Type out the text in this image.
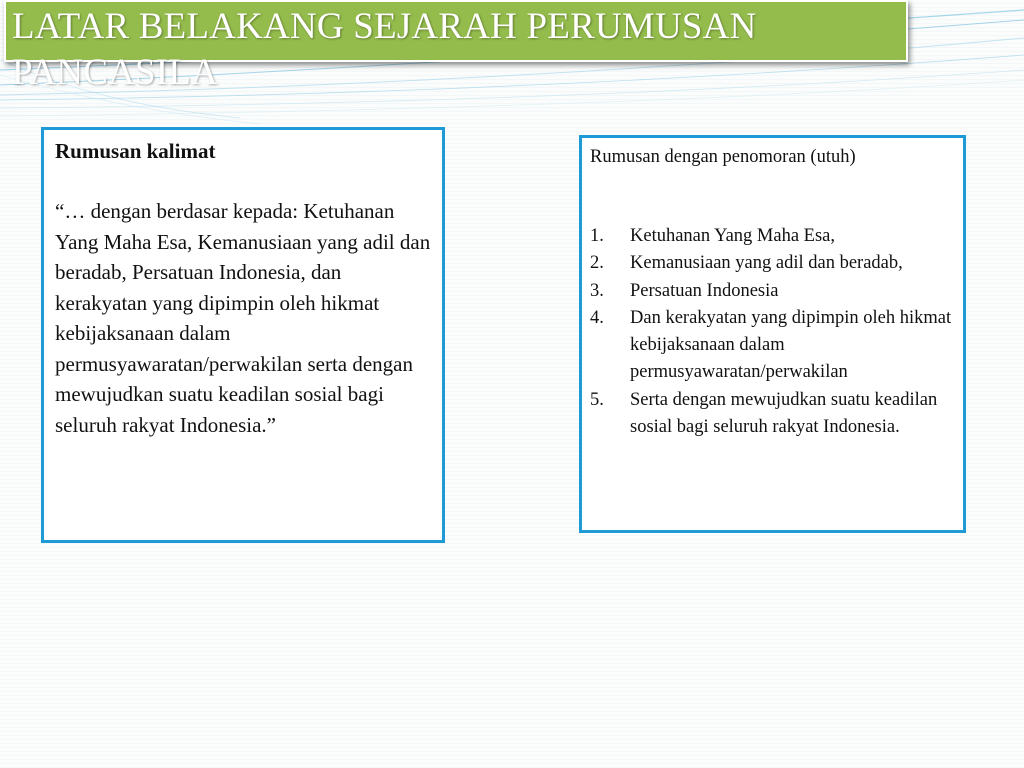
LATAR BELAKANG SEJARAH PERUMUSAN PANCASILA

Rumusan kalimat

“… dengan berdasar kepada: Ketuhanan Yang Maha Esa, Kemanusiaan yang adil dan beradab, Persatuan Indonesia, dan kerakyatan yang dipimpin oleh hikmat kebijaksanaan dalam permusyawaratan/perwakilan serta dengan mewujudkan suatu keadilan sosial bagi seluruh rakyat Indonesia.”

Rumusan dengan penomoran (utuh)

1. Ketuhanan Yang Maha Esa,
2. Kemanusiaan yang adil dan beradab,
3. Persatuan Indonesia
4. Dan kerakyatan yang dipimpin oleh hikmat kebijaksanaan dalam permusyawaratan/perwakilan
5. Serta dengan mewujudkan suatu keadilan sosial bagi seluruh rakyat Indonesia.
